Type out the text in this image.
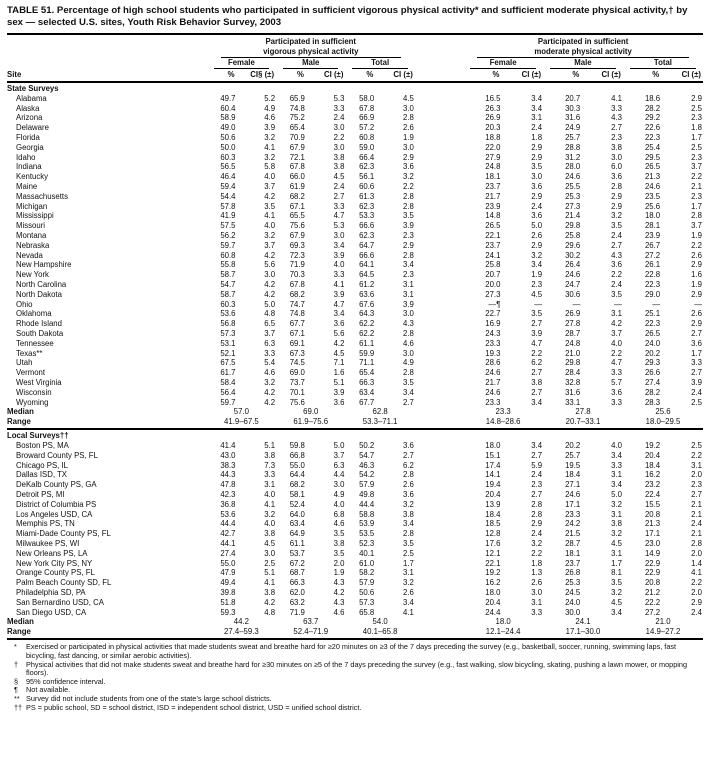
TABLE 51. Percentage of high school students who participated in sufficient vigorous physical activity* and sufficient moderate physical activity,† by sex — selected U.S. sites, Youth Risk Behavior Survey, 2003

	Participated in sufficient
vigorous physical activity							Participated in sufficient
moderate physical activity					

	Female		Male		Total			Female		Male		Total	

Site	%	CI§ (±)	%	CI (±)	%	CI (±)		%	CI (±)	%	CI (±)	%	CI (±)
State Surveys													
Alabama	49.7	5.2	65.9	5.3	58.0	4.5		16.5	3.4	20.7	4.1	18.6	2.9
Alaska	60.4	4.9	74.8	3.3	67.8	3.0		26.3	3.4	30.3	3.3	28.2	2.5
Arizona	58.9	4.6	75.2	2.4	66.9	2.8		26.9	3.1	31.6	4.3	29.2	2.3
Delaware	49.0	3.9	65.4	3.0	57.2	2.6		20.3	2.4	24.9	2.7	22.6	1.8
Florida	50.6	3.2	70.9	2.2	60.8	1.9		18.8	1.8	25.7	2.3	22.3	1.7
Georgia	50.0	4.1	67.9	3.0	59.0	3.0		22.0	2.9	28.8	3.8	25.4	2.5
Idaho	60.3	3.2	72.1	3.8	66.4	2.9		27.9	2.9	31.2	3.0	29.5	2.3
Indiana	56.5	5.8	67.8	3.8	62.3	3.6		24.8	3.5	28.0	6.0	26.5	3.7
Kentucky	46.4	4.0	66.0	4.5	56.1	3.2		18.1	3.0	24.6	3.6	21.3	2.2
Maine	59.4	3.7	61.9	2.4	60.6	2.2		23.7	3.6	25.5	2.8	24.6	2.1
Massachusetts	54.4	4.2	68.2	2.7	61.3	2.8		21.7	2.9	25.3	2.9	23.5	2.3
Michigan	57.8	3.5	67.1	3.3	62.3	2.8		23.9	2.4	27.3	2.9	25.6	1.7
Mississippi	41.9	4.1	65.5	4.7	53.3	3.5		14.8	3.6	21.4	3.2	18.0	2.8
Missouri	57.5	4.0	75.6	5.3	66.6	3.9		26.5	5.0	29.8	3.5	28.1	3.7
Montana	56.2	3.2	67.9	3.0	62.3	2.3		22.1	2.6	25.8	2.4	23.9	1.9
Nebraska	59.7	3.7	69.3	3.4	64.7	2.9		23.7	2.9	29.6	2.7	26.7	2.2
Nevada	60.8	4.2	72.3	3.9	66.6	2.8		24.1	3.2	30.2	4.3	27.2	2.6
New Hampshire	55.8	5.6	71.9	4.0	64.1	3.4		25.8	3.4	26.4	3.6	26.1	2.9
New York	58.7	3.0	70.3	3.3	64.5	2.3		20.7	1.9	24.6	2.2	22.8	1.6
North Carolina	54.7	4.2	67.8	4.1	61.2	3.1		20.0	2.3	24.7	2.4	22.3	1.9
North Dakota	58.7	4.2	68.2	3.9	63.6	3.1		27.3	4.5	30.6	3.5	29.0	2.9
Ohio	60.3	5.0	74.7	4.7	67.6	3.9		—¶	—	—	—	—	—
Oklahoma	53.6	4.8	74.8	3.4	64.3	3.0		22.7	3.5	26.9	3.1	25.1	2.6
Rhode Island	56.8	6.5	67.7	3.6	62.2	4.3		16.9	2.7	27.8	4.2	22.3	2.9
South Dakota	57.3	3.7	67.1	5.6	62.2	2.8		24.3	3.9	28.7	3.7	26.5	2.7
Tennessee	53.1	6.3	69.1	4.2	61.1	4.6		23.3	4.7	24.8	4.0	24.0	3.6
Texas**	52.1	3.3	67.3	4.5	59.9	3.0		19.3	2.2	21.0	2.2	20.2	1.7
Utah	67.5	5.4	74.5	7.1	71.1	4.9		28.6	6.2	29.8	4.7	29.3	3.3
Vermont	61.7	4.6	69.0	1.6	65.4	2.8		24.6	2.7	28.4	3.3	26.6	2.7
West Virginia	58.4	3.2	73.7	5.1	66.3	3.5		21.7	3.8	32.8	5.7	27.4	3.9
Wisconsin	56.4	4.2	70.1	3.9	63.4	3.4		24.6	2.7	31.6	3.6	28.2	2.4
Wyoming	59.7	4.2	75.6	3.6	67.7	2.7		23.3	3.4	33.1	3.3	28.3	2.5
Median	57.0		69.0		62.8			23.3		27.8		25.6	
Range	41.9–67.5		61.9–75.6		53.3–71.1			14.8–28.6		20.7–33.1		18.0–29.5	
Local Surveys††													
Boston PS, MA	41.4	5.1	59.8	5.0	50.2	3.6		18.0	3.4	20.2	4.0	19.2	2.5
Broward County PS, FL	43.0	3.8	66.8	3.7	54.7	2.7		15.1	2.7	25.7	3.4	20.4	2.2
Chicago PS, IL	38.3	7.3	55.0	6.3	46.3	6.2		17.4	5.9	19.5	3.3	18.4	3.1
Dallas ISD, TX	44.3	3.3	64.4	4.4	54.2	2.8		14.1	2.4	18.4	3.1	16.2	2.0
DeKalb County PS, GA	47.8	3.1	68.2	3.0	57.9	2.6		19.4	2.3	27.1	3.4	23.2	2.3
Detroit PS, MI	42.3	4.0	58.1	4.9	49.8	3.6		20.4	2.7	24.6	5.0	22.4	2.7
District of Columbia PS	36.8	4.1	52.4	4.0	44.4	3.2		13.9	2.8	17.1	3.2	15.5	2.1
Los Angeles USD, CA	53.6	3.2	64.0	6.8	58.8	3.8		18.4	2.8	23.3	3.1	20.8	2.1
Memphis PS, TN	44.4	4.0	63.4	4.6	53.9	3.4		18.5	2.9	24.2	3.8	21.3	2.4
Miami-Dade County PS, FL	42.7	3.8	64.9	3.5	53.5	2.8		12.8	2.4	21.5	3.2	17.1	2.1
Milwaukee PS, WI	44.1	4.5	61.1	3.8	52.3	3.5		17.6	3.2	28.7	4.5	23.0	2.8
New Orleans PS, LA	27.4	3.0	53.7	3.5	40.1	2.5		12.1	2.2	18.1	3.1	14.9	2.0
New York City PS, NY	55.0	2.5	67.2	2.0	61.0	1.7		22.1	1.8	23.7	1.7	22.9	1.4
Orange County PS, FL	47.9	5.1	68.7	1.9	58.2	3.1		19.2	1.3	26.8	8.1	22.9	4.1
Palm Beach County SD, FL	49.4	4.1	66.3	4.3	57.9	3.2		16.2	2.6	25.3	3.5	20.8	2.2
Philadelphia SD, PA	39.8	3.8	62.0	4.2	50.6	2.6		18.0	3.0	24.5	3.2	21.2	2.0
San Bernardino USD, CA	51.8	4.2	63.2	4.3	57.3	3.4		20.4	3.1	24.0	4.5	22.2	2.9
San Diego USD, CA	59.3	4.8	71.9	4.6	65.8	4.1		24.4	3.3	30.0	3.4	27.2	2.4
Median	44.2		63.7		54.0			18.0		24.1		21.0	
Range	27.4–59.3		52.4–71.9		40.1–65.8			12.1–24.4		17.1–30.0		14.9–27.2	
*	Exercised or participated in physical activities that made students sweat and breathe hard for ≥20 minutes on ≥3 of the 7 days preceding the survey (e.g., basketball, soccer, running, swimming laps, fast bicycling, fast dancing, or similar aerobic activities).
†	Physical activities that did not make students sweat and breathe hard for ≥30 minutes on ≥5 of the 7 days preceding the survey (e.g., fast walking, slow bicycling, skating, pushing a lawn mower, or mopping floors).
§	95% confidence interval.
¶	Not available.
** Survey did not include students from one of the state’s large school districts.
†† PS = public school, SD = school district, ISD = independent school district, USD = unified school district.
